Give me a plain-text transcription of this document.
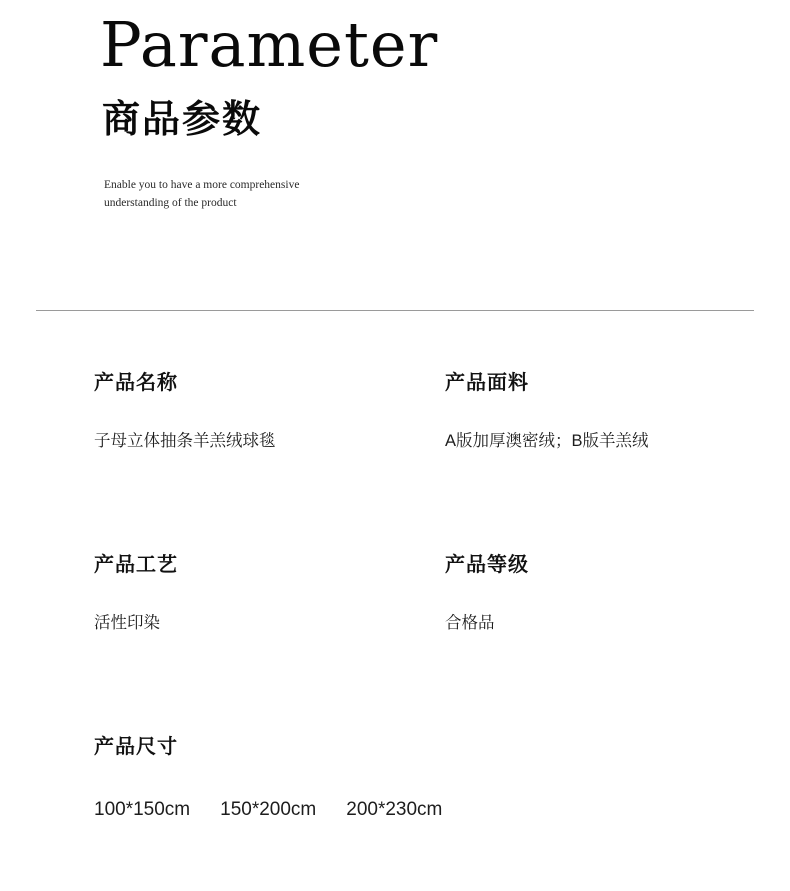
Parameter
商品参数
Enable you to have a more comprehensive understanding of the product
产品名称
子母立体抽条羊羔绒球毯
产品面料
A版加厚澳密绒；B版羊羔绒
产品工艺
活性印染
产品等级
合格品
产品尺寸
100*150cm 150*200cm 200*230cm
